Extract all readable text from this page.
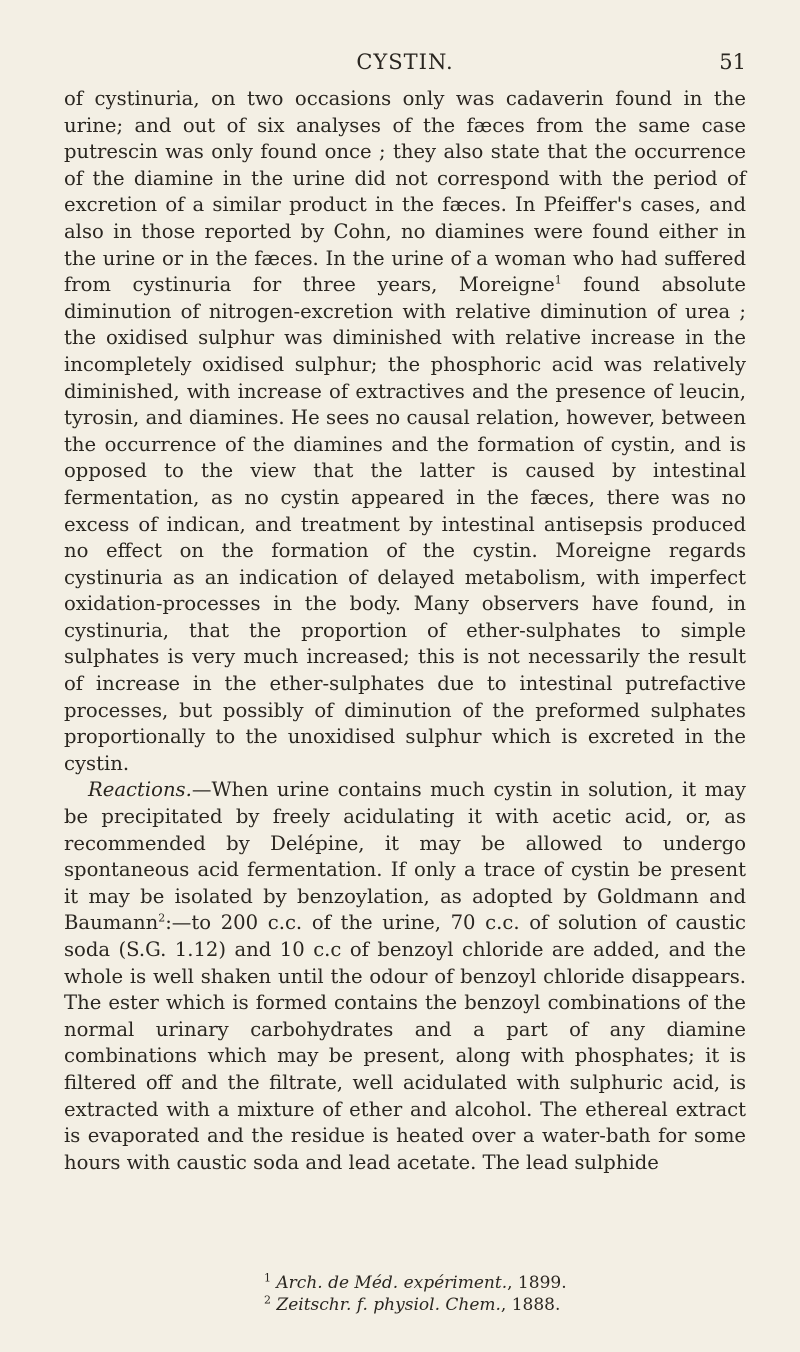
CYSTIN.	51

of cystinuria, on two occasions only was cadaverin found in the urine; and out of six analyses of the fæces from the same case putrescin was only found once ; they also state that the occurrence of the diamine in the urine did not correspond with the period of excretion of a similar product in the fæces. In Pfeiffer's cases, and also in those reported by Cohn, no diamines were found either in the urine or in the fæces. In the urine of a woman who had suffered from cystinuria for three years, Moreigne$^1$ found absolute diminution of nitrogen-excretion with relative diminution of urea ; the oxidised sulphur was diminished with relative increase in the incompletely oxidised sulphur; the phosphoric acid was relatively diminished, with increase of extractives and the presence of leucin, tyrosin, and diamines. He sees no causal relation, however, between the occurrence of the diamines and the formation of cystin, and is opposed to the view that the latter is caused by intestinal fermentation, as no cystin appeared in the fæces, there was no excess of indican, and treatment by intestinal antisepsis produced no effect on the formation of the cystin. Moreigne regards cystinuria as an indication of delayed metabolism, with imperfect oxidation-processes in the body. Many observers have found, in cystinuria, that the proportion of ether-sulphates to simple sulphates is very much increased; this is not necessarily the result of increase in the ether-sulphates due to intestinal putrefactive processes, but possibly of diminution of the preformed sulphates proportionally to the unoxidised sulphur which is excreted in the cystin.

Reactions.—When urine contains much cystin in solution, it may be precipitated by freely acidulating it with acetic acid, or, as recommended by Delépine, it may be allowed to undergo spontaneous acid fermentation. If only a trace of cystin be present it may be isolated by benzoylation, as adopted by Goldmann and Baumann$^2$:—to 200 c.c. of the urine, 70 c.c. of solution of caustic soda (S.G. 1.12) and 10 c.c of benzoyl chloride are added, and the whole is well shaken until the odour of benzoyl chloride disappears. The ester which is formed contains the benzoyl combinations of the normal urinary carbohydrates and a part of any diamine combinations which may be present, along with phosphates; it is filtered off and the filtrate, well acidulated with sulphuric acid, is extracted with a mixture of ether and alcohol. The ethereal extract is evaporated and the residue is heated over a water-bath for some hours with caustic soda and lead acetate. The lead sulphide

$^1$ Arch. de Méd. expériment., 1899.
$^2$ Zeitschr. f. physiol. Chem., 1888.
